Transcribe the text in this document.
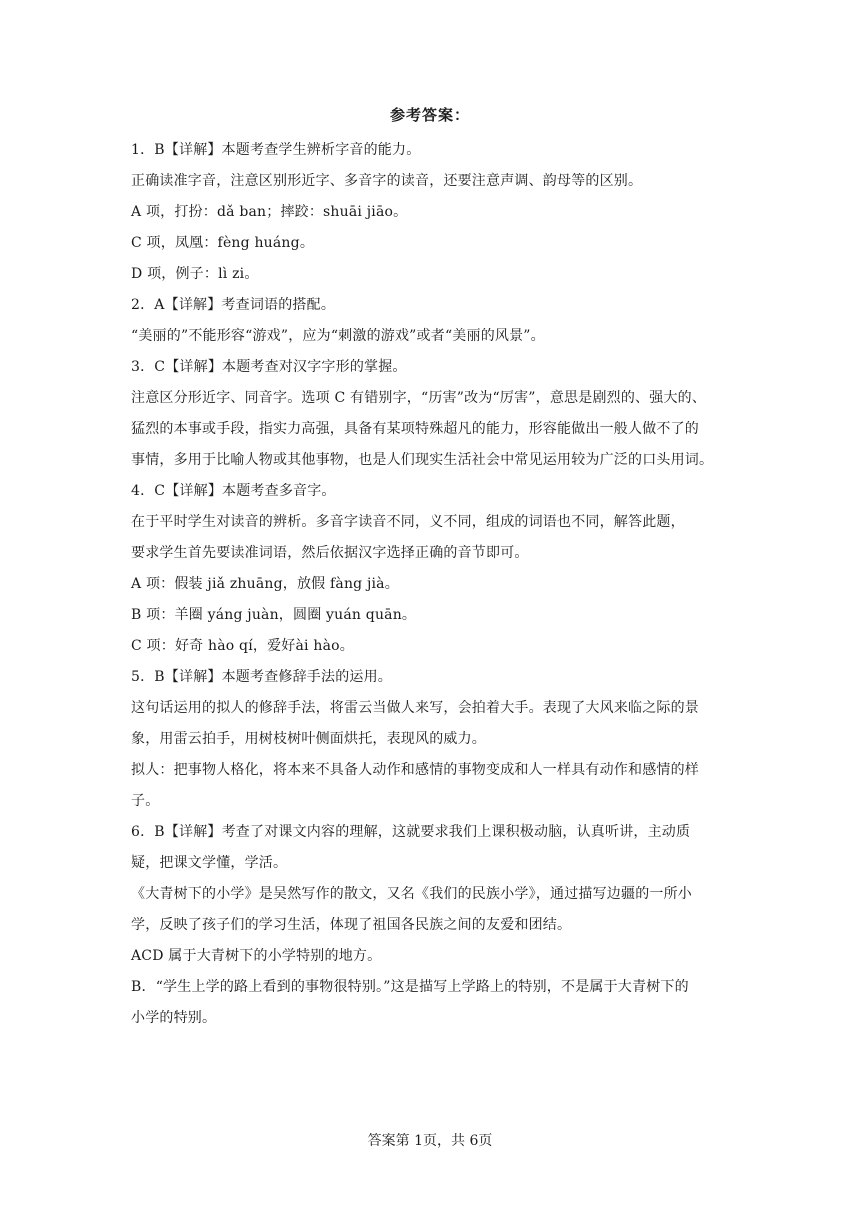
参考答案：
1．B【详解】本题考查学生辨析字音的能力。
正确读准字音，注意区别形近字、多音字的读音，还要注意声调、韵母等的区别。
A 项，打扮：dǎ ban；摔跤：shuāi jiāo。
C 项，凤凰：fèng huáng。
D 项，例子：lì zi。
2．A【详解】考查词语的搭配。
“美丽的”不能形容“游戏”，应为“刺激的游戏”或者“美丽的风景”。
3．C【详解】本题考查对汉字字形的掌握。
注意区分形近字、同音字。选项 C 有错别字，“历害”改为“厉害”，意思是剧烈的、强大的、
猛烈的本事或手段，指实力高强，具备有某项特殊超凡的能力，形容能做出一般人做不了的
事情，多用于比喻人物或其他事物，也是人们现实生活社会中常见运用较为广泛的口头用词。
4．C【详解】本题考查多音字。
在于平时学生对读音的辨析。多音字读音不同，义不同，组成的词语也不同，解答此题，
要求学生首先要读准词语，然后依据汉字选择正确的音节即可。
A 项：假装 jiǎ zhuāng，放假 fàng jià。
B 项：羊圈 yáng juàn，圆圈 yuán quān。
C 项：好奇 hào qí，爱好ài hào。
5．B【详解】本题考查修辞手法的运用。
这句话运用的拟人的修辞手法，将雷云当做人来写，会拍着大手。表现了大风来临之际的景
象，用雷云拍手，用树枝树叶侧面烘托，表现风的威力。
拟人：把事物人格化，将本来不具备人动作和感情的事物变成和人一样具有动作和感情的样
子。
6．B【详解】考查了对课文内容的理解，这就要求我们上课积极动脑，认真听讲，主动质
疑，把课文学懂，学活。
《大青树下的小学》是吴然写作的散文，又名《我们的民族小学》，通过描写边疆的一所小
学，反映了孩子们的学习生活，体现了祖国各民族之间的友爱和团结。
ACD 属于大青树下的小学特别的地方。
B．“学生上学的路上看到的事物很特别。”这是描写上学路上的特别，不是属于大青树下的
小学的特别。
答案第 1页，共 6页
